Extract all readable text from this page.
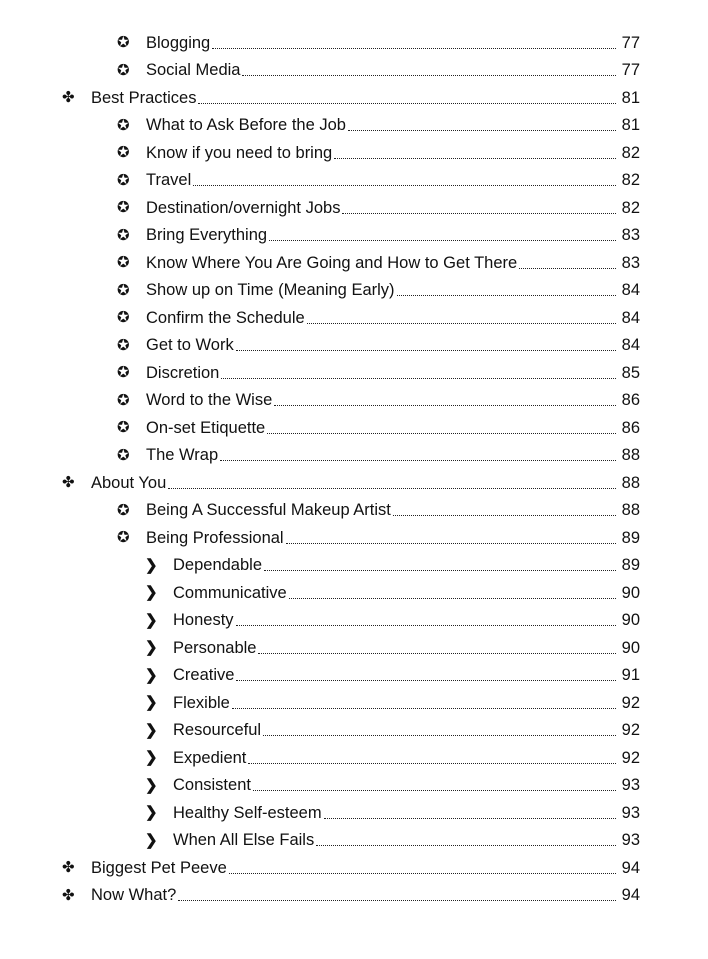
✪ Blogging	77
✪ Social Media	77
✤ Best Practices	81
✪ What to Ask Before the Job	81
✪ Know if you need to bring	82
✪ Travel	82
✪ Destination/overnight Jobs	82
✪ Bring Everything	83
✪ Know Where You Are Going and How to Get There	83
✪ Show up on Time (Meaning Early)	84
✪ Confirm the Schedule	84
✪ Get to Work	84
✪ Discretion	85
✪ Word to the Wise	86
✪ On-set Etiquette	86
✪ The Wrap	88
✤ About You	88
✪ Being A Successful Makeup Artist	88
✪ Being Professional	89
❯ Dependable	89
❯ Communicative	90
❯ Honesty	90
❯ Personable	90
❯ Creative	91
❯ Flexible	92
❯ Resourceful	92
❯ Expedient	92
❯ Consistent	93
❯ Healthy Self-esteem	93
❯ When All Else Fails	93
✤ Biggest Pet Peeve	94
✤ Now What?	94
